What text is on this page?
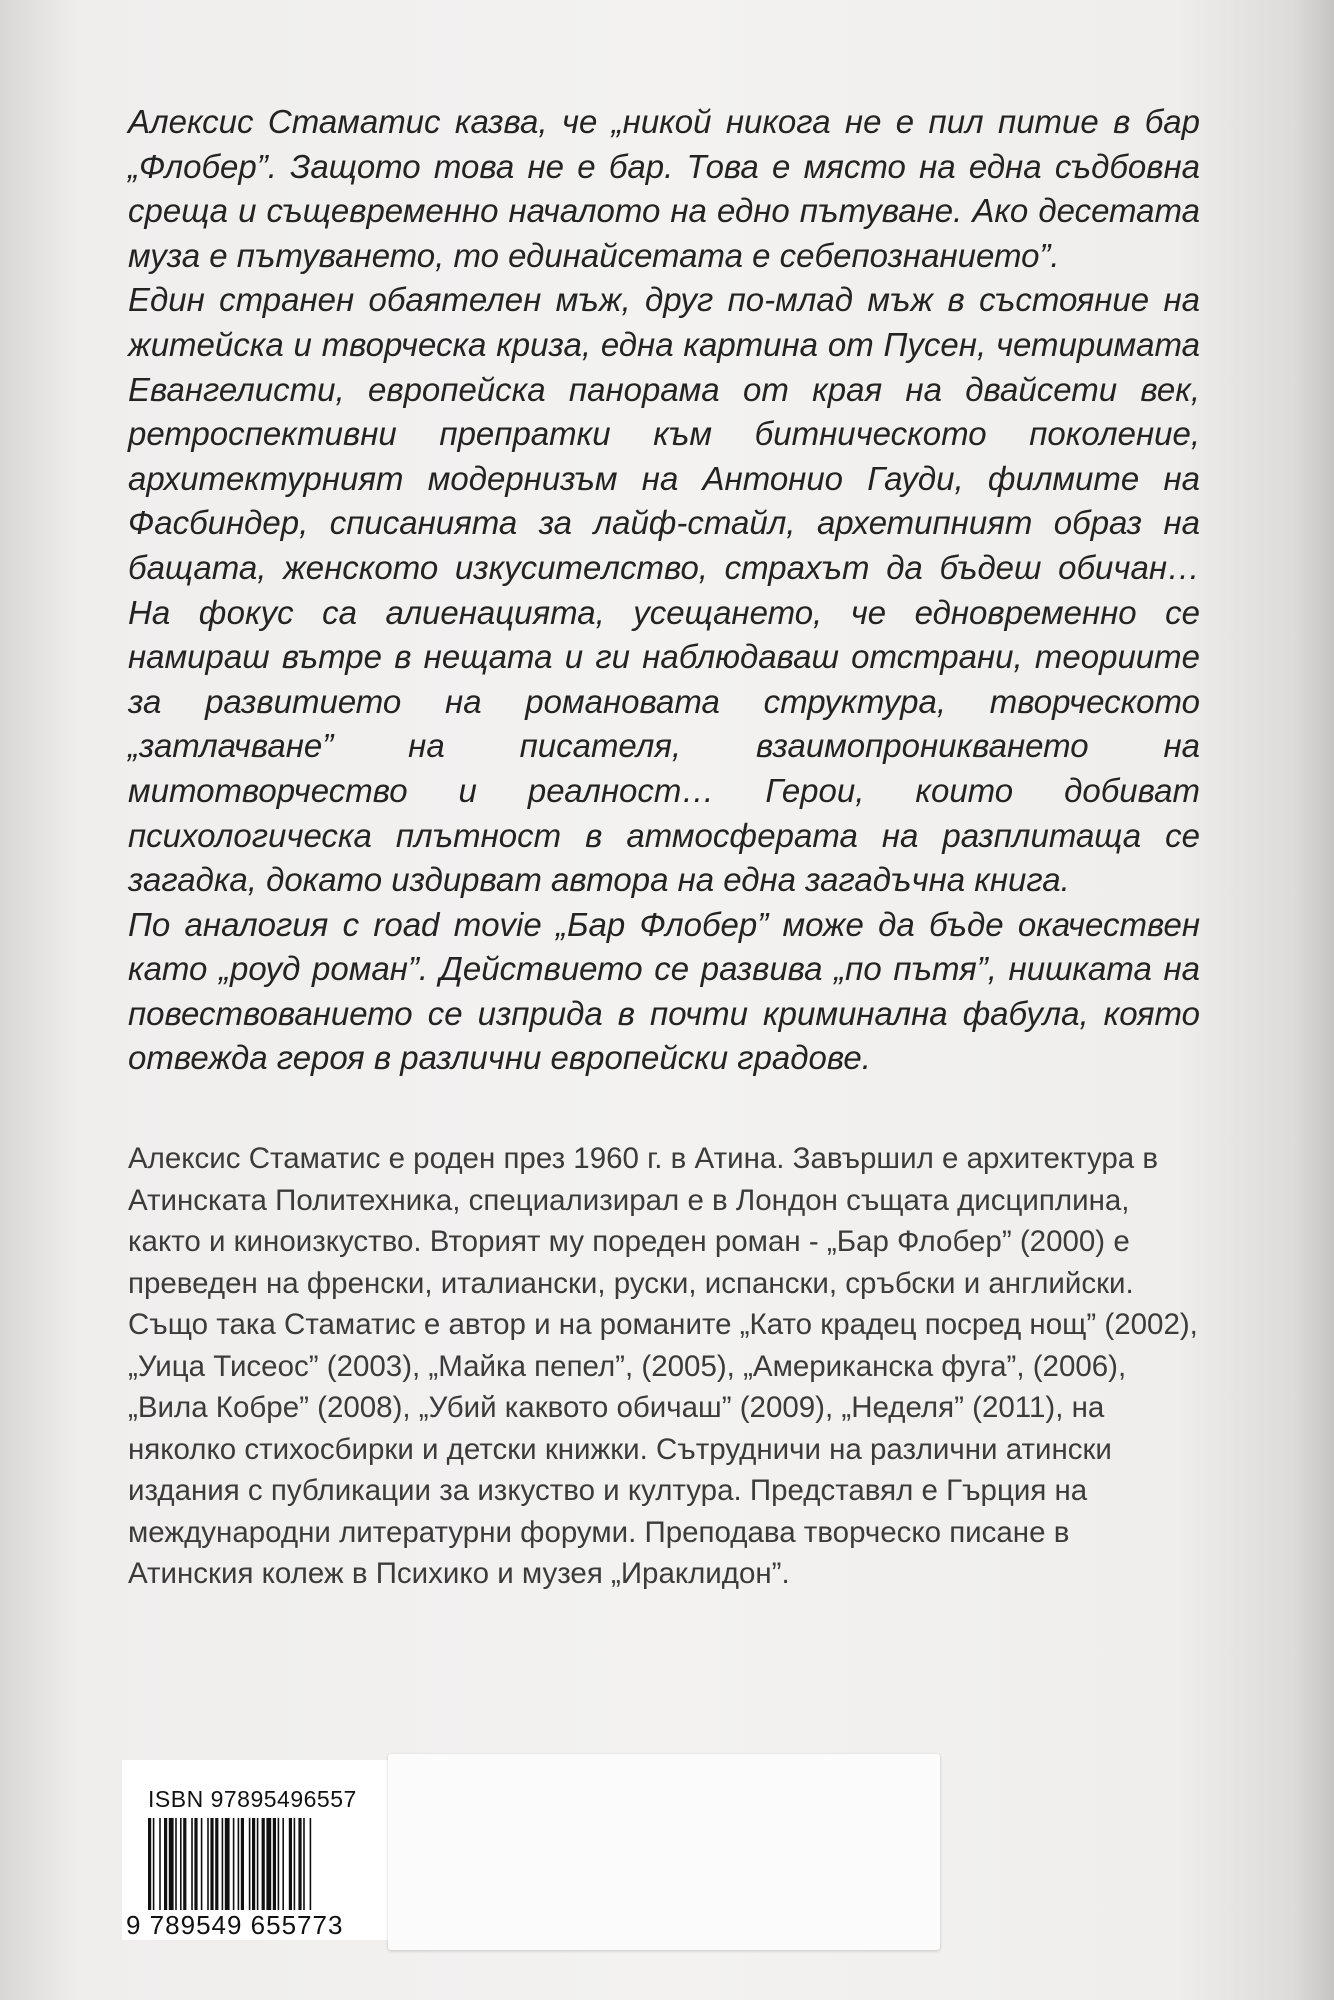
Алексис Стаматис казва, че „никой никога не е пил питие в бар „Флобер”. Защото това не е бар. Това е място на една съдбовна среща и същевременно началото на едно пътуване. Ако десетата муза е пътуването, то единайсетата е себепознанието”.

Един странен обаятелен мъж, друг по-млад мъж в състояние на житейска и творческа криза, една картина от Пусен, четиримата Евангелисти, европейска панорама от края на двайсети век, ретроспективни препратки към битническото поколение, архитектурният модернизъм на Антонио Гауди, филмите на Фасбиндер, списанията за лайф-стайл, архетипният образ на бащата, женското изкуситeлство, страхът да бъдеш обичан… На фокус са алиенацията, усещането, че едновременно се намираш вътре в нещата и ги наблюдаваш отстрани, теориите за развитието на романовата структура, творческото „затлачване” на писателя, взаимопроникването на митотворчество и реалност… Герои, които добиват психологическа плътност в атмосферата на разплитаща се загадка, докато издирват автора на една загадъчна книга.

По аналогия с road movie „Бар Флобер” може да бъде окачествен като „роуд роман”. Действието се развива „по пътя”, нишката на повествованието се изприда в почти криминална фабула, която отвежда героя в различни европейски градове.

Алексис Стаматис е роден през 1960 г. в Атина. Завършил е архитектура в Атинската Политехника, специализирал е в Лондон същата дисциплина, както и киноизкуство. Вторият му пореден роман - „Бар Флобер” (2000) е преведен на френски, италиански, руски, испански, сръбски и английски. Също така Стаматис е автор и на романите „Като крадец посред нощ” (2002), „Уица Тисеос” (2003), „Майка пепел”, (2005), „Американска фуга”, (2006), „Вила Кобре” (2008), „Убий каквото обичаш” (2009), „Неделя” (2011), на няколко стихосбирки и детски книжки. Сътрудничи на различни атински издания с публикации за изкуство и култура. Представял е Гърция на международни литературни форуми. Преподава творческо писане в Атинския колеж в Психико и музея „Ираклидон”.

ISBN 97895496557
9 789549 655773
